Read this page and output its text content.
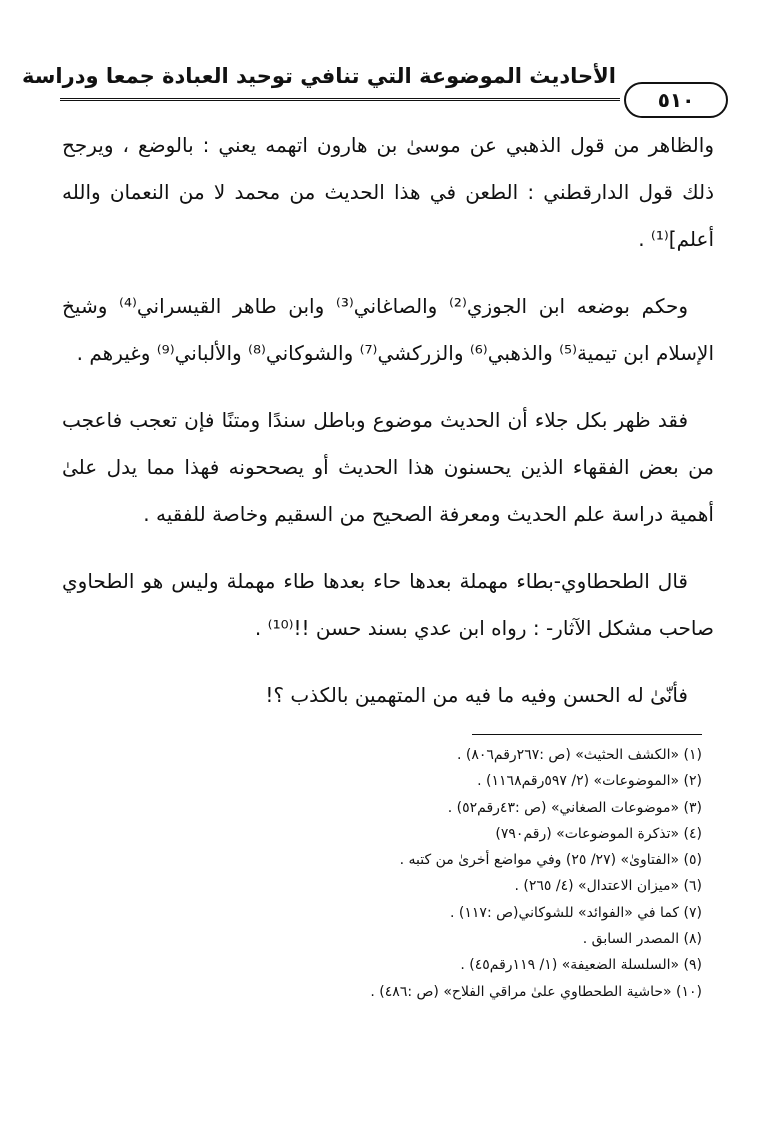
الأحاديث الموضوعة التي تنافي توحيد العبادة جمعا ودراسة
٥١٠

والظاهر من قول الذهبي عن موسىٰ بن هارون اتهمه يعني : بالوضع ، ويرجح ذلك قول الدارقطني : الطعن في هذا الحديث من محمد لا من النعمان والله أعلم]⁽¹⁾ .

وحكم بوضعه ابن الجوزي⁽²⁾ والصاغاني⁽³⁾ وابن طاهر القيسراني⁽⁴⁾ وشيخ الإسلام ابن تيمية⁽⁵⁾ والذهبي⁽⁶⁾ والزركشي⁽⁷⁾ والشوكاني⁽⁸⁾ والألباني⁽⁹⁾ وغيرهم .

فقد ظهر بكل جلاء أن الحديث موضوع وباطل سندًا ومتنًا فإن تعجب فاعجب من بعض الفقهاء الذين يحسنون هذا الحديث أو يصححونه فهذا مما يدل علىٰ أهمية دراسة علم الحديث ومعرفة الصحيح من السقيم وخاصة للفقيه .

قال الطحطاوي-بطاء مهملة بعدها حاء بعدها طاء مهملة وليس هو الطحاوي صاحب مشكل الآثار- : رواه ابن عدي بسند حسن !!⁽¹⁰⁾ .

فأنّىٰ له الحسن وفيه ما فيه من المتهمين بالكذب ؟!

(١) «الكشف الحثيث» (ص :٢٦٧رقم٨٠٦) .
(٢) «الموضوعات» (٢/ ٥٩٧رقم١١٦٨) .
(٣) «موضوعات الصغاني» (ص :٤٣رقم٥٢) .
(٤) «تذكرة الموضوعات» (رقم٧٩٠)
(٥) «الفتاوىٰ» (٢٧/ ٢٥) وفي مواضع أخرىٰ من كتبه .
(٦) «ميزان الاعتدال» (٤/ ٢٦٥) .
(٧) كما في «الفوائد» للشوكاني(ص :١١٧) .
(٨) المصدر السابق .
(٩) «السلسلة الضعيفة» (١/ ١١٩رقم٤٥) .
(١٠) «حاشية الطحطاوي علىٰ مراقي الفلاح» (ص :٤٨٦) .
